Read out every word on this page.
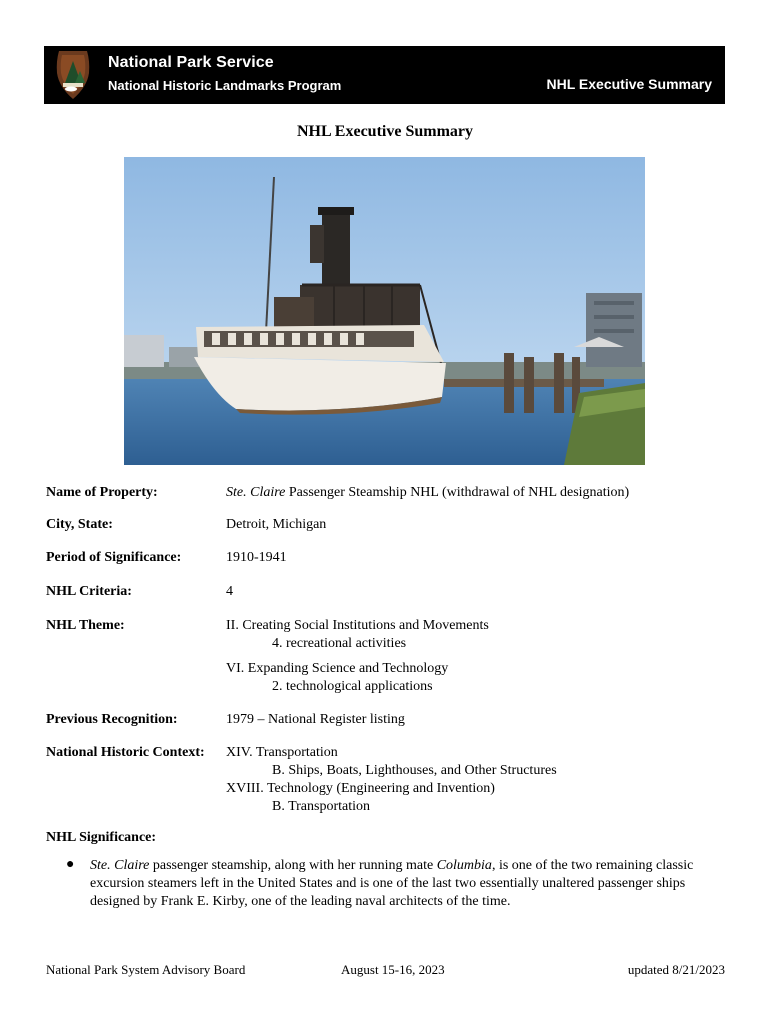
National Park Service
National Historic Landmarks Program	NHL Executive Summary
NHL Executive Summary
Name of Property:	Ste. Claire Passenger Steamship NHL (withdrawal of NHL designation)
City, State:	Detroit, Michigan
Period of Significance:	1910-1941
NHL Criteria:	4
NHL Theme:	II. Creating Social Institutions and Movements
4. recreational activities
VI. Expanding Science and Technology
2. technological applications
Previous Recognition:	1979 – National Register listing
National Historic Context: XIV. Transportation
B. Ships, Boats, Lighthouses, and Other Structures
XVIII. Technology (Engineering and Invention)
B. Transportation
NHL Significance:
● Ste. Claire passenger steamship, along with her running mate Columbia, is one of the two remaining classic excursion steamers left in the United States and is one of the last two essentially unaltered passenger ships designed by Frank E. Kirby, one of the leading naval architects of the time.
National Park System Advisory Board	August 15-16, 2023	updated 8/21/2023
